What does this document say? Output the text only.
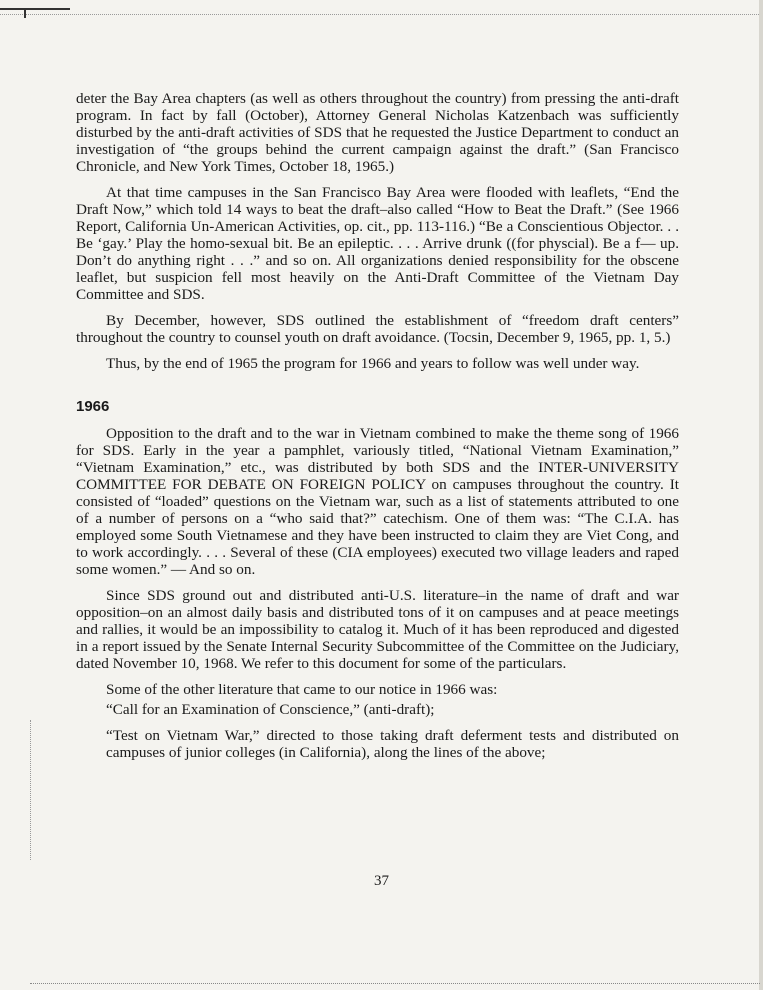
deter the Bay Area chapters (as well as others throughout the country) from pressing the anti-draft program. In fact by fall (October), Attorney General Nicholas Katzenbach was sufficiently disturbed by the anti-draft activities of SDS that he requested the Justice Department to conduct an investigation of “the groups behind the current campaign against the draft.” (San Francisco Chronicle, and New York Times, October 18, 1965.)

At that time campuses in the San Francisco Bay Area were flooded with leaflets, “End the Draft Now,” which told 14 ways to beat the draft–also called “How to Beat the Draft.” (See 1966 Report, California Un-American Activities, op. cit., pp. 113-116.) “Be a Conscientious Objector. . . Be ‘gay.’ Play the homo-sexual bit. Be an epileptic. . . . Arrive drunk ((for physcial). Be a f— up. Don’t do anything right . . .” and so on. All organizations denied responsibility for the obscene leaflet, but suspicion fell most heavily on the Anti-Draft Committee of the Vietnam Day Committee and SDS.

By December, however, SDS outlined the establishment of “freedom draft centers” throughout the country to counsel youth on draft avoidance. (Tocsin, December 9, 1965, pp. 1, 5.)

Thus, by the end of 1965 the program for 1966 and years to follow was well under way.

1966

Opposition to the draft and to the war in Vietnam combined to make the theme song of 1966 for SDS. Early in the year a pamphlet, variously titled, “National Vietnam Examination,” “Vietnam Examination,” etc., was distributed by both SDS and the INTER-UNIVERSITY COMMITTEE FOR DEBATE ON FOREIGN POLICY on campuses throughout the country. It consisted of “loaded” questions on the Vietnam war, such as a list of statements attributed to one of a number of persons on a “who said that?” catechism. One of them was: “The C.I.A. has employed some South Vietnamese and they have been instructed to claim they are Viet Cong, and to work accordingly. . . . Several of these (CIA employees) executed two village leaders and raped some women.” — And so on.

Since SDS ground out and distributed anti-U.S. literature–in the name of draft and war opposition–on an almost daily basis and distributed tons of it on campuses and at peace meetings and rallies, it would be an impossibility to catalog it. Much of it has been reproduced and digested in a report issued by the Senate Internal Security Subcommittee of the Committee on the Judiciary, dated November 10, 1968. We refer to this document for some of the particulars.

Some of the other literature that came to our notice in 1966 was:

“Call for an Examination of Conscience,” (anti-draft);

“Test on Vietnam War,” directed to those taking draft deferment tests and distributed on campuses of junior colleges (in California), along the lines of the above;

37
